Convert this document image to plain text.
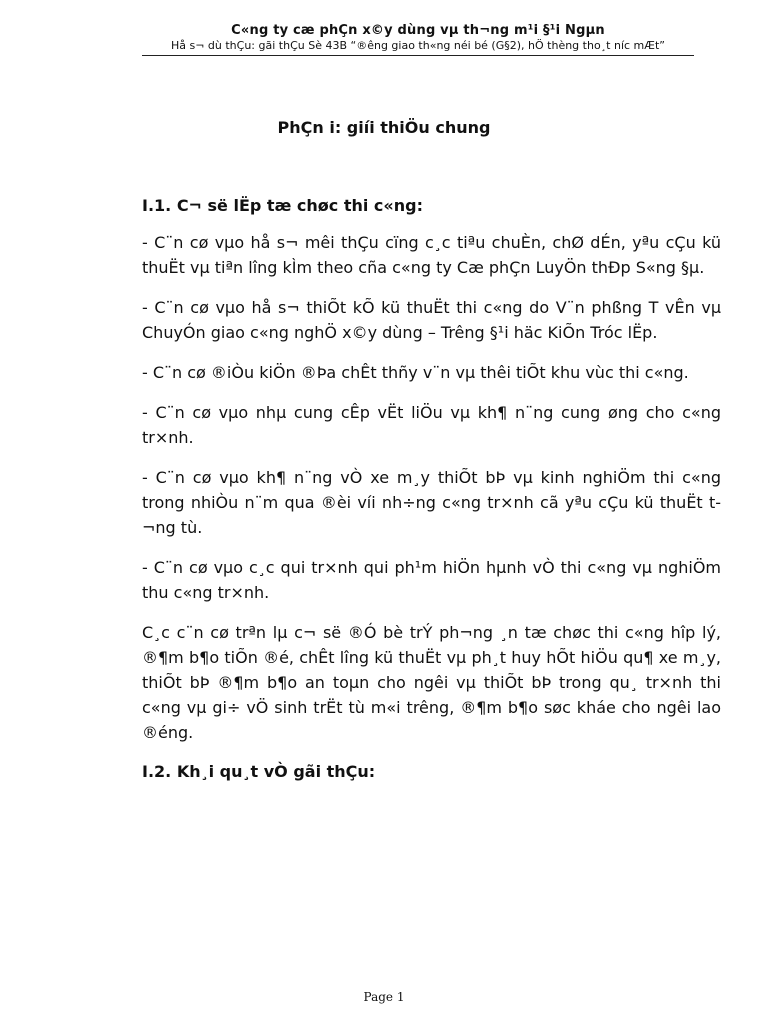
C«ng ty cæ phÇn x©y dùng vµ th¬ng m¹i §¹i Ngµn
Hå s¬ dù thÇu: gãi thÇu Sè 43B “®êng giao th«ng néi bé (G§2), hÖ thèng tho¸t níc mÆt”
PhÇn i: giíi thiÖu chung

I.1. C¬ së lËp tæ chøc thi c«ng:

- C¨n cø vµo hå s¬ mêi thÇu cïng c¸c tiªu chuÈn, chØ dÉn, yªu cÇu kü thuËt vµ tiªn lîng kÌm theo cña c«ng ty Cæ phÇn LuyÖn thÐp S«ng §µ.

- C¨n cø vµo hå s¬ thiÕt kÕ kü thuËt thi c«ng do V¨n phßng T vÊn vµ ChuyÓn giao c«ng nghÖ x©y dùng – Trêng §¹i häc KiÕn Tróc lËp.

- C¨n cø ®iÒu kiÖn ®Þa chÊt thñy v¨n vµ thêi tiÕt khu vùc thi c«ng.

- C¨n cø vµo nhµ cung cÊp vËt liÖu vµ kh¶ n¨ng cung øng cho c«ng tr×nh.

- C¨n cø vµo kh¶ n¨ng vÒ xe m¸y thiÕt bÞ vµ kinh nghiÖm thi c«ng trong nhiÒu n¨m qua ®èi víi nh÷ng c«ng tr×nh cã yªu cÇu kü thuËt t¬ng tù.

- C¨n cø vµo c¸c qui tr×nh qui ph¹m hiÖn hµnh vÒ thi c«ng vµ nghiÖm thu c«ng tr×nh.

C¸c c¨n cø trªn lµ c¬ së ®Ó bè trÝ ph¬ng ¸n tæ chøc thi c«ng hîp lý, ®¶m b¶o tiÕn ®é, chÊt lîng kü thuËt vµ ph¸t huy hÕt hiÖu qu¶ xe m¸y, thiÕt bÞ ®¶m b¶o an toµn cho ngêi vµ thiÕt bÞ trong qu¸ tr×nh thi c«ng vµ gi÷ vÖ sinh trËt tù m«i trêng, ®¶m b¶o søc kháe cho ngêi lao ®éng.

I.2. Kh¸i qu¸t vÒ gãi thÇu:

Page 1
